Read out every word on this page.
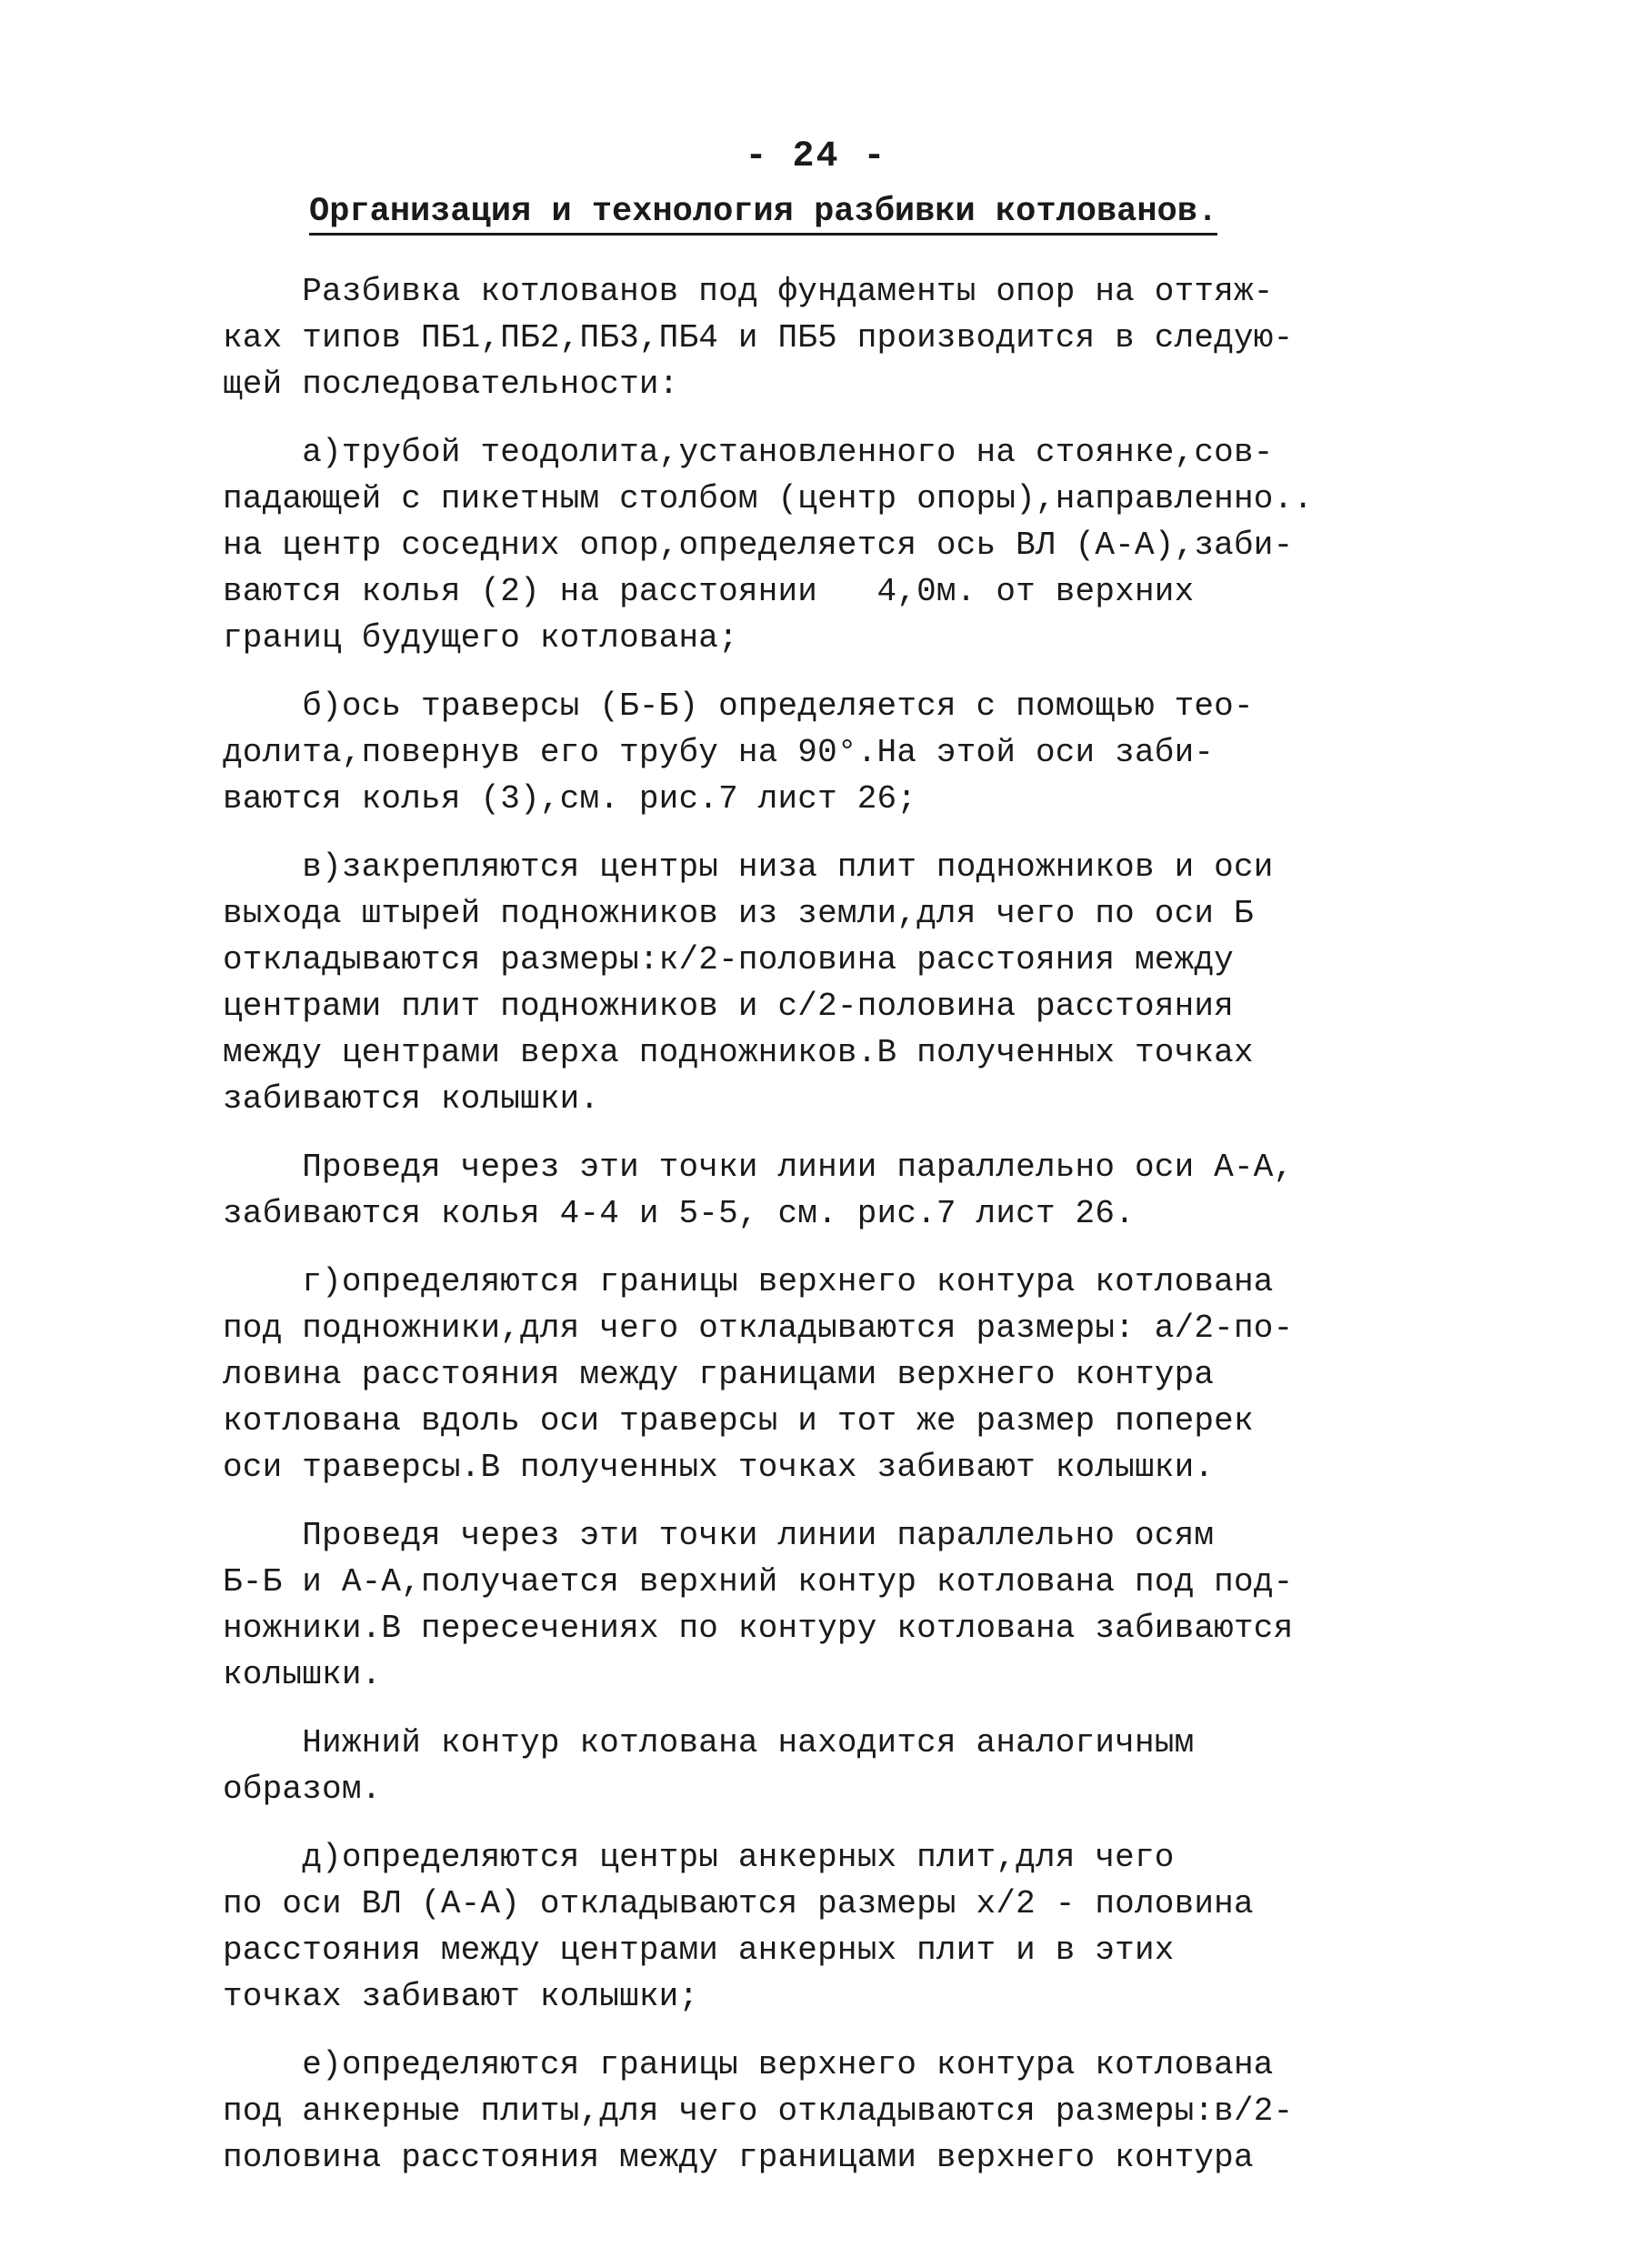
- 24 -
Организация и технология разбивки котлованов.
Разбивка котлованов под фундаменты опор на оттяж-
ках типов ПБ1,ПБ2,ПБ3,ПБ4 и ПБ5 производится в следую-
щей последовательности:
а)трубой теодолита,установленного на стоянке,сов-
падающей с пикетным столбом (центр опоры),направленно..
на центр соседних опор,определяется ось ВЛ (А-А),заби-
ваются колья (2) на расстоянии   4,0м. от верхних
границ будущего котлована;
б)ось траверсы (Б-Б) определяется с помощью тео-
долита,повернув его трубу на 90°.На этой оси заби-
ваются колья (3),см. рис.7 лист 26;
в)закрепляются центры низа плит подножников и оси
выхода штырей подножников из земли,для чего по оси Б
откладываются размеры:к/2-половина расстояния между
центрами плит подножников и с/2-половина расстояния
между центрами верха подножников.В полученных точках
забиваются колышки.
Проведя через эти точки линии параллельно оси А-А,
забиваются колья 4-4 и 5-5, см. рис.7 лист 26.
г)определяются границы верхнего контура котлована
под подножники,для чего откладываются размеры: а/2-по-
ловина расстояния между границами верхнего контура
котлована вдоль оси траверсы и тот же размер поперек
оси траверсы.В полученных точках забивают колышки.
Проведя через эти точки линии параллельно осям
Б-Б и А-А,получается верхний контур котлована под под-
ножники.В пересечениях по контуру котлована забиваются
колышки.
Нижний контур котлована находится аналогичным
образом.
д)определяются центры анкерных плит,для чего
по оси ВЛ (А-А) откладываются размеры х/2 - половина
расстояния между центрами анкерных плит и в этих
точках забивают колышки;
е)определяются границы верхнего контура котлована
под анкерные плиты,для чего откладываются размеры:в/2-
половина расстояния между границами верхнего контура
